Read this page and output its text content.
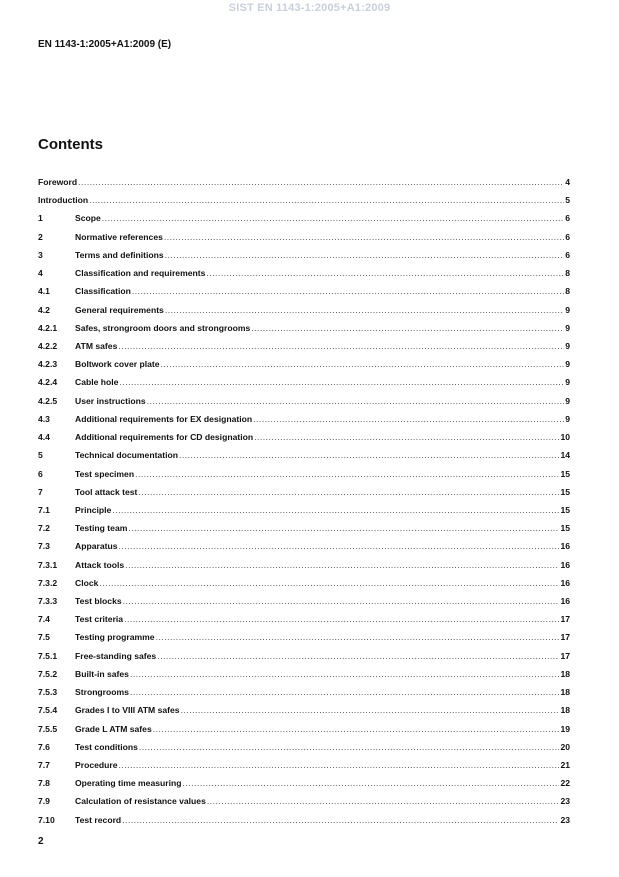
SIST EN 1143-1:2005+A1:2009
EN 1143-1:2005+A1:2009 (E)
Contents
Foreword .....	4
Introduction .....	5
1	Scope .....	6
2	Normative references .....	6
3	Terms and definitions .....	6
4	Classification and requirements .....	8
4.1	Classification .....	8
4.2	General requirements .....	9
4.2.1	Safes, strongroom doors and strongrooms .....	9
4.2.2	ATM safes .....	9
4.2.3	Boltwork cover plate .....	9
4.2.4	Cable hole .....	9
4.2.5	User instructions .....	9
4.3	Additional requirements for EX designation .....	9
4.4	Additional requirements for CD designation .....	10
5	Technical documentation .....	14
6	Test specimen .....	15
7	Tool attack test .....	15
7.1	Principle .....	15
7.2	Testing team .....	15
7.3	Apparatus .....	16
7.3.1	Attack tools .....	16
7.3.2	Clock .....	16
7.3.3	Test blocks .....	16
7.4	Test criteria .....	17
7.5	Testing programme .....	17
7.5.1	Free-standing safes .....	17
7.5.2	Built-in safes .....	18
7.5.3	Strongrooms .....	18
7.5.4	Grades I to VIII ATM safes .....	18
7.5.5	Grade L ATM safes .....	19
7.6	Test conditions .....	20
7.7	Procedure .....	21
7.8	Operating time measuring .....	22
7.9	Calculation of resistance values .....	23
7.10	Test record .....	23
2
